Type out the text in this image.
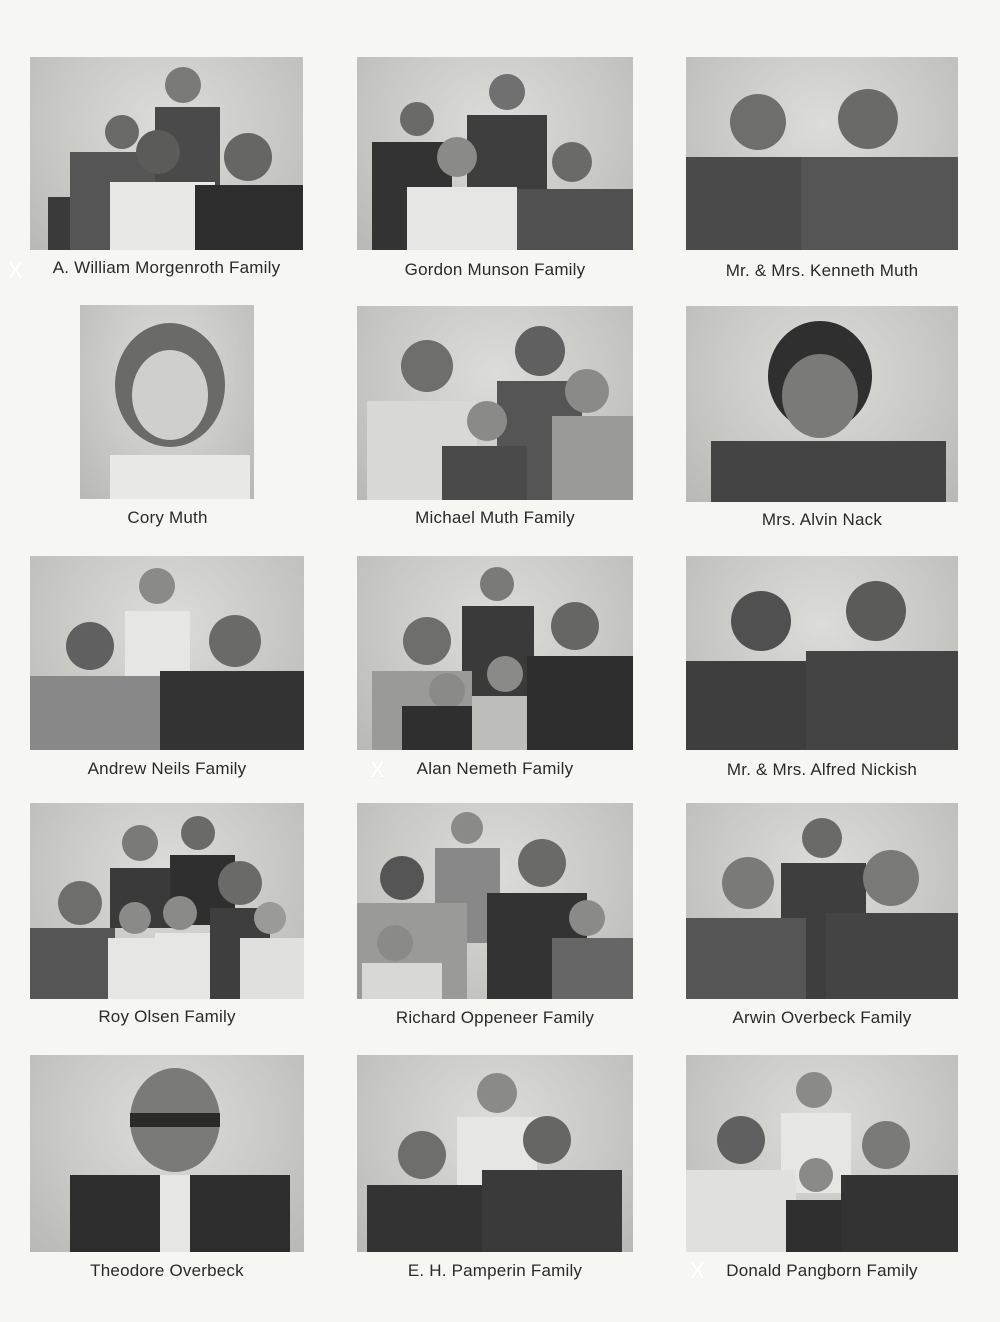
A. William Morgenroth Family
X	Gordon Munson Family	Mr. & Mrs. Kenneth Muth
Cory Muth	Michael Muth Family	Mrs. Alvin Nack
Andrew Neils Family	Alan Nemeth Family
X	Mr. & Mrs. Alfred Nickish
Roy Olsen Family	Richard Oppeneer Family	Arwin Overbeck Family
Theodore Overbeck	E. H. Pamperin Family	Donald Pangborn Family
X
